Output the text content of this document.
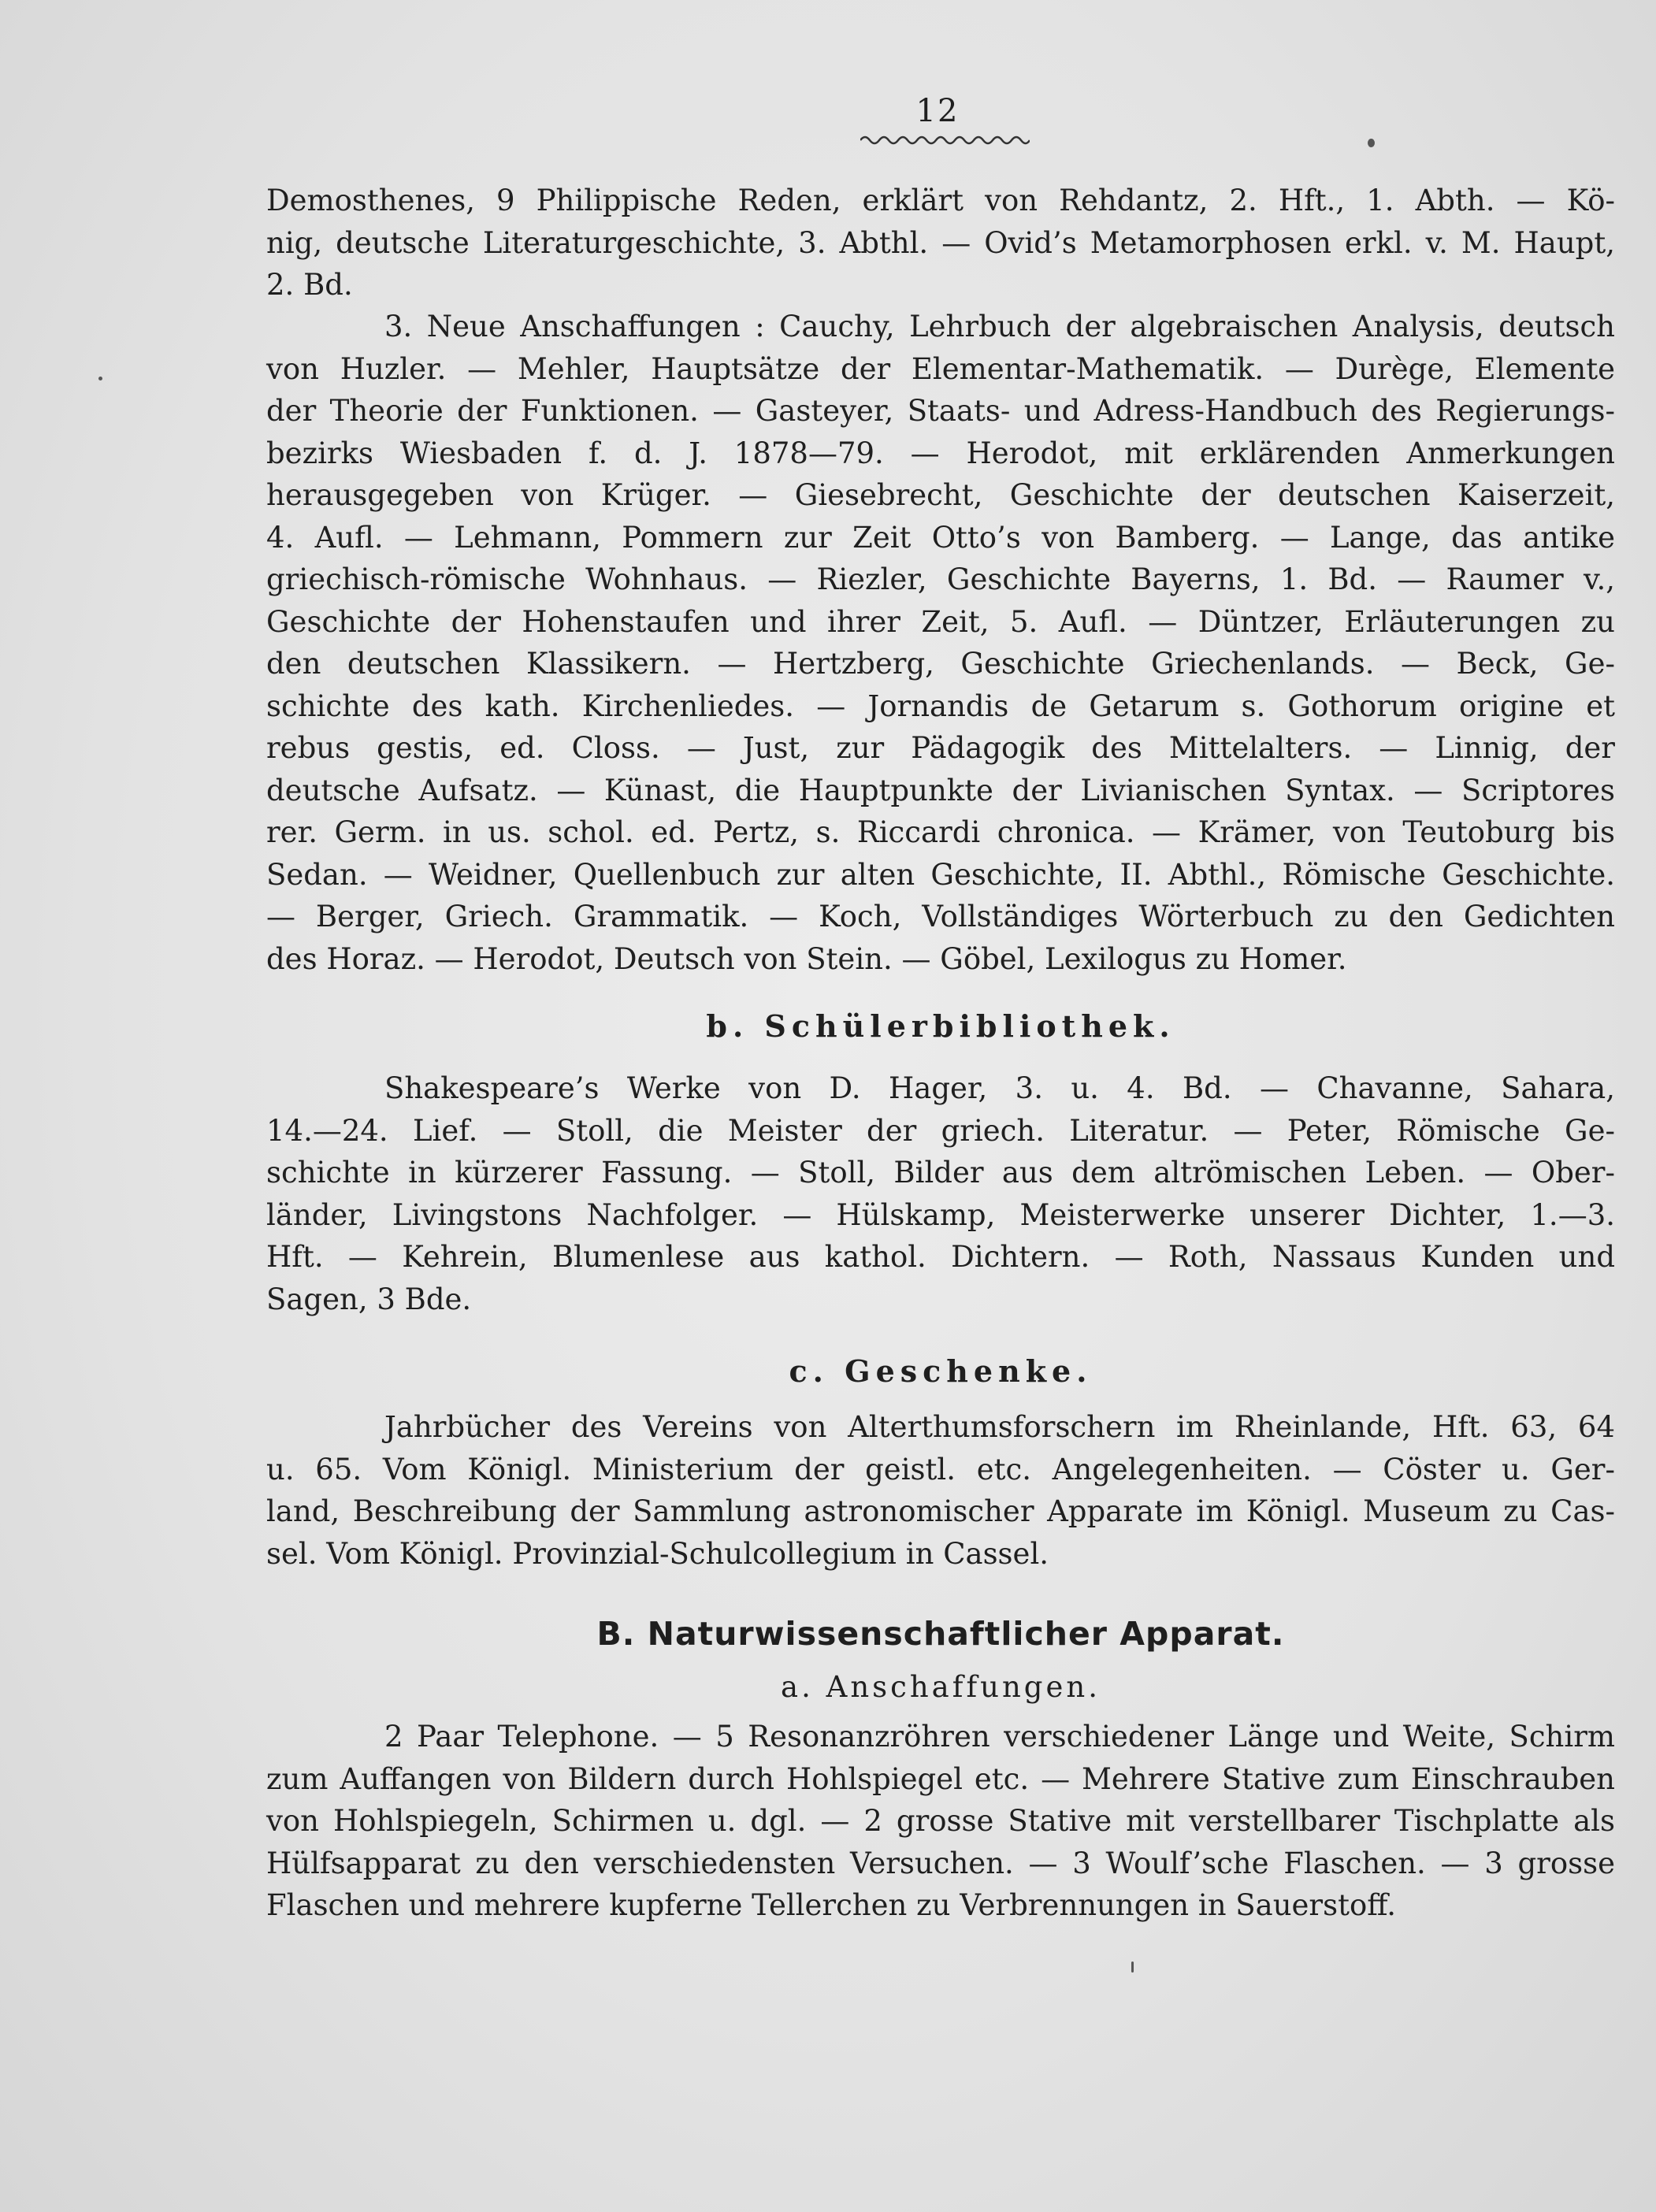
12
Demosthenes, 9 Philippische Reden, erklärt von Rehdantz, 2. Hft., 1. Abth. — Kö-
nig, deutsche Literaturgeschichte, 3. Abthl. — Ovid’s Metamorphosen erkl. v. M. Haupt,
2. Bd.
3. Neue Anschaffungen : Cauchy, Lehrbuch der algebraischen Analysis, deutsch
von Huzler. — Mehler, Hauptsätze der Elementar-Mathematik. — Durège, Elemente
der Theorie der Funktionen. — Gasteyer, Staats- und Adress-Handbuch des Regierungs-
bezirks Wiesbaden f. d. J. 1878—79. — Herodot, mit erklärenden Anmerkungen
herausgegeben von Krüger. — Giesebrecht, Geschichte der deutschen Kaiserzeit,
4. Aufl. — Lehmann, Pommern zur Zeit Otto’s von Bamberg. — Lange, das antike
griechisch-römische Wohnhaus. — Riezler, Geschichte Bayerns, 1. Bd. — Raumer v.,
Geschichte der Hohenstaufen und ihrer Zeit, 5. Aufl. — Düntzer, Erläuterungen zu
den deutschen Klassikern. — Hertzberg, Geschichte Griechenlands. — Beck, Ge-
schichte des kath. Kirchenliedes. — Jornandis de Getarum s. Gothorum origine et
rebus gestis, ed. Closs. — Just, zur Pädagogik des Mittelalters. — Linnig, der
deutsche Aufsatz. — Künast, die Hauptpunkte der Livianischen Syntax. — Scriptores
rer. Germ. in us. schol. ed. Pertz, s. Riccardi chronica. — Krämer, von Teutoburg bis
Sedan. — Weidner, Quellenbuch zur alten Geschichte, II. Abthl., Römische Geschichte.
— Berger, Griech. Grammatik. — Koch, Vollständiges Wörterbuch zu den Gedichten
des Horaz. — Herodot, Deutsch von Stein. — Göbel, Lexilogus zu Homer.
b. Schülerbibliothek.
Shakespeare’s Werke von D. Hager, 3. u. 4. Bd. — Chavanne, Sahara,
14.—24. Lief. — Stoll, die Meister der griech. Literatur. — Peter, Römische Ge-
schichte in kürzerer Fassung. — Stoll, Bilder aus dem altrömischen Leben. — Ober-
länder, Livingstons Nachfolger. — Hülskamp, Meisterwerke unserer Dichter, 1.—3.
Hft. — Kehrein, Blumenlese aus kathol. Dichtern. — Roth, Nassaus Kunden und
Sagen, 3 Bde.
c. Geschenke.
Jahrbücher des Vereins von Alterthumsforschern im Rheinlande, Hft. 63, 64
u. 65. Vom Königl. Ministerium der geistl. etc. Angelegenheiten. — Cöster u. Ger-
land, Beschreibung der Sammlung astronomischer Apparate im Königl. Museum zu Cas-
sel. Vom Königl. Provinzial-Schulcollegium in Cassel.
B. Naturwissenschaftlicher Apparat.
a. Anschaffungen.
2 Paar Telephone. — 5 Resonanzröhren verschiedener Länge und Weite, Schirm
zum Auffangen von Bildern durch Hohlspiegel etc. — Mehrere Stative zum Einschrauben
von Hohlspiegeln, Schirmen u. dgl. — 2 grosse Stative mit verstellbarer Tischplatte als
Hülfsapparat zu den verschiedensten Versuchen. — 3 Woulf’sche Flaschen. — 3 grosse
Flaschen und mehrere kupferne Tellerchen zu Verbrennungen in Sauerstoff.
